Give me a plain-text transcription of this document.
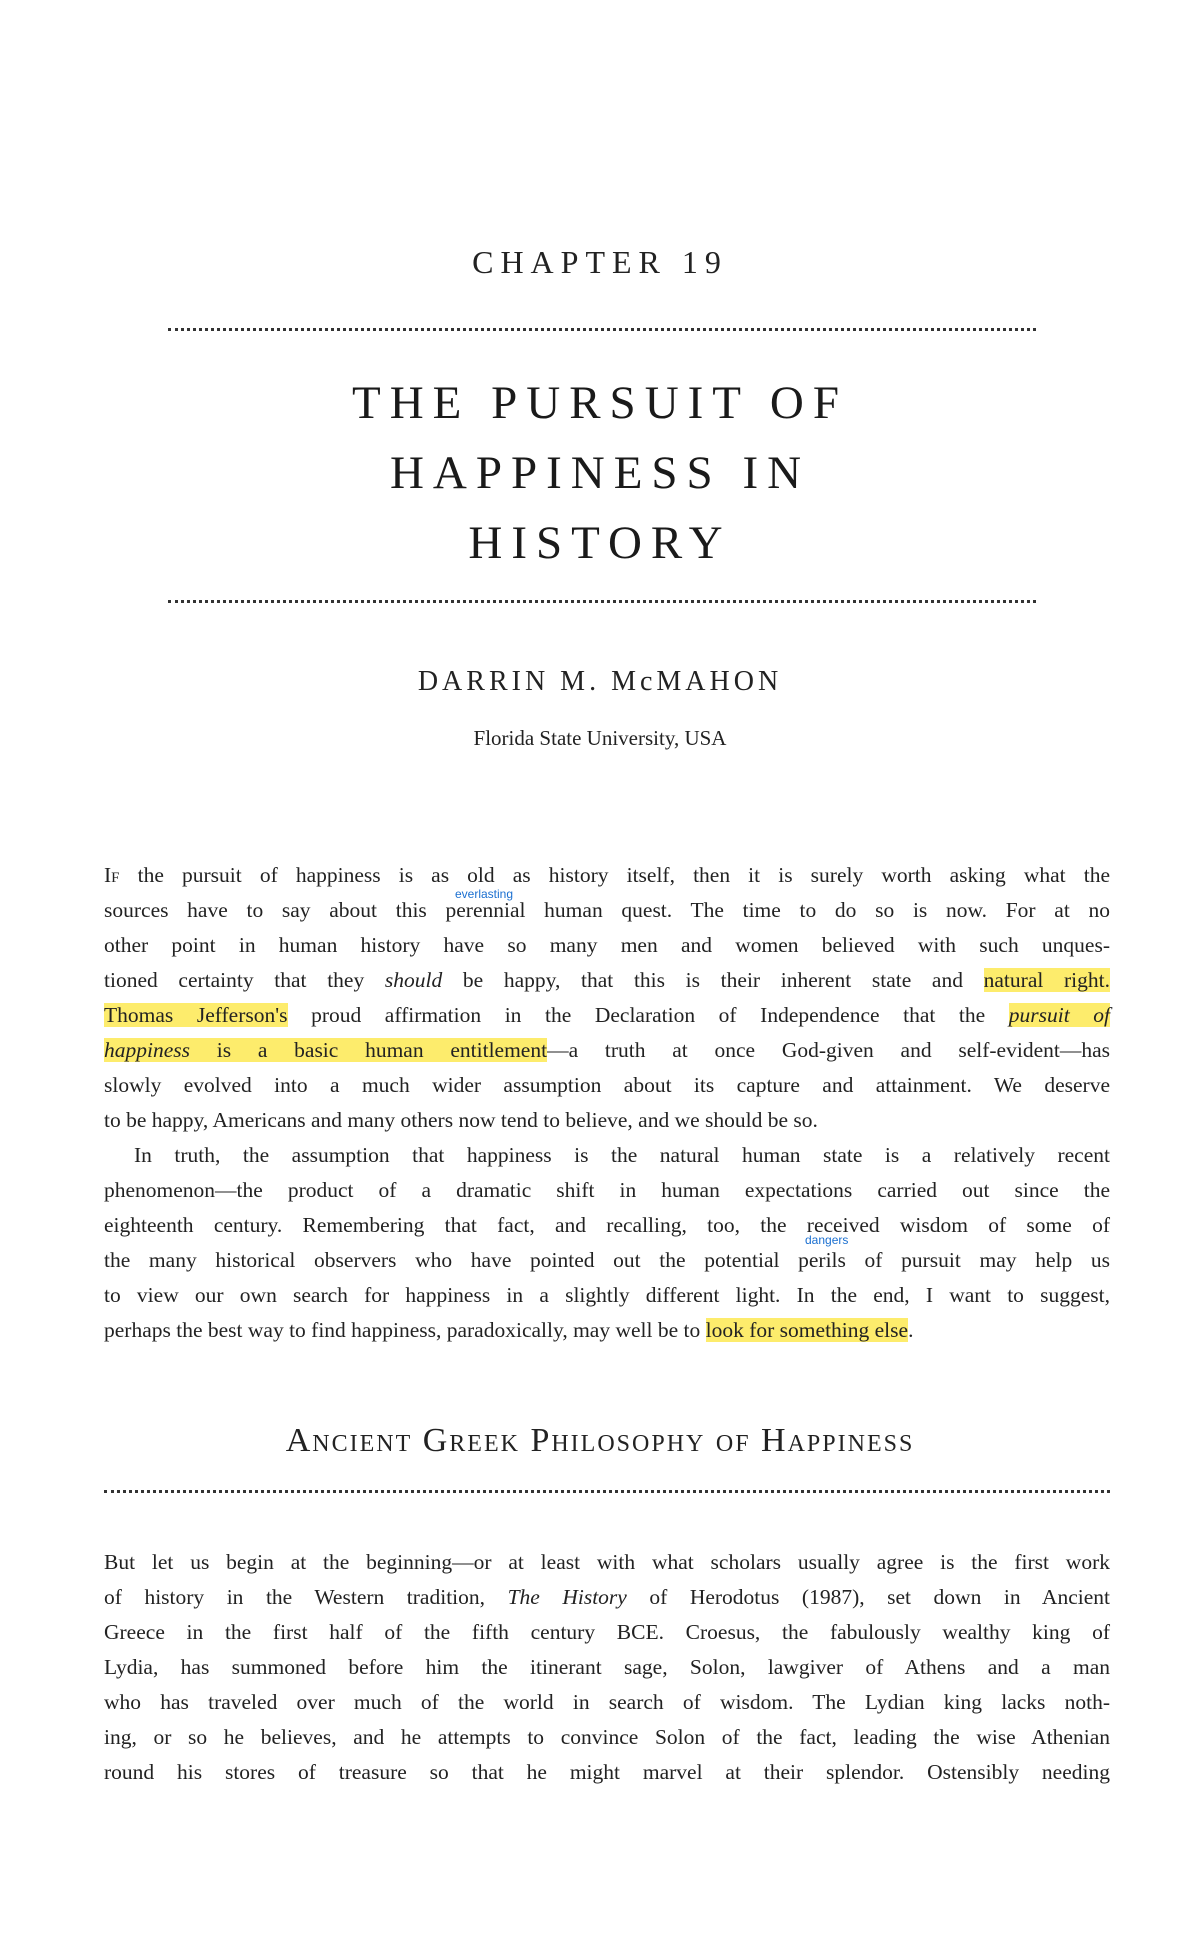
CHAPTER 19
THE PURSUIT OF
HAPPINESS IN
HISTORY
DARRIN M. McMAHON
Florida State University, USA
everlasting
dangers
If the pursuit of happiness is as old as history itself, then it is surely worth asking what the
sources have to say about this perennial human quest. The time to do so is now. For at no
other point in human history have so many men and women believed with such unques-
tioned certainty that they should be happy, that this is their inherent state and natural right.
Thomas Jefferson's proud affirmation in the Declaration of Independence that the pursuit of
happiness is a basic human entitlement—a truth at once God-given and self-evident—has
slowly evolved into a much wider assumption about its capture and attainment. We deserve
to be happy, Americans and many others now tend to believe, and we should be so.
In truth, the assumption that happiness is the natural human state is a relatively recent
phenomenon—the product of a dramatic shift in human expectations carried out since the
eighteenth century. Remembering that fact, and recalling, too, the received wisdom of some of
the many historical observers who have pointed out the potential perils of pursuit may help us
to view our own search for happiness in a slightly different light. In the end, I want to suggest,
perhaps the best way to find happiness, paradoxically, may well be to look for something else.
Ancient Greek Philosophy of Happiness
But let us begin at the beginning—or at least with what scholars usually agree is the first work
of history in the Western tradition, The History of Herodotus (1987), set down in Ancient
Greece in the first half of the fifth century BCE. Croesus, the fabulously wealthy king of
Lydia, has summoned before him the itinerant sage, Solon, lawgiver of Athens and a man
who has traveled over much of the world in search of wisdom. The Lydian king lacks noth-
ing, or so he believes, and he attempts to convince Solon of the fact, leading the wise Athenian
round his stores of treasure so that he might marvel at their splendor. Ostensibly needing
